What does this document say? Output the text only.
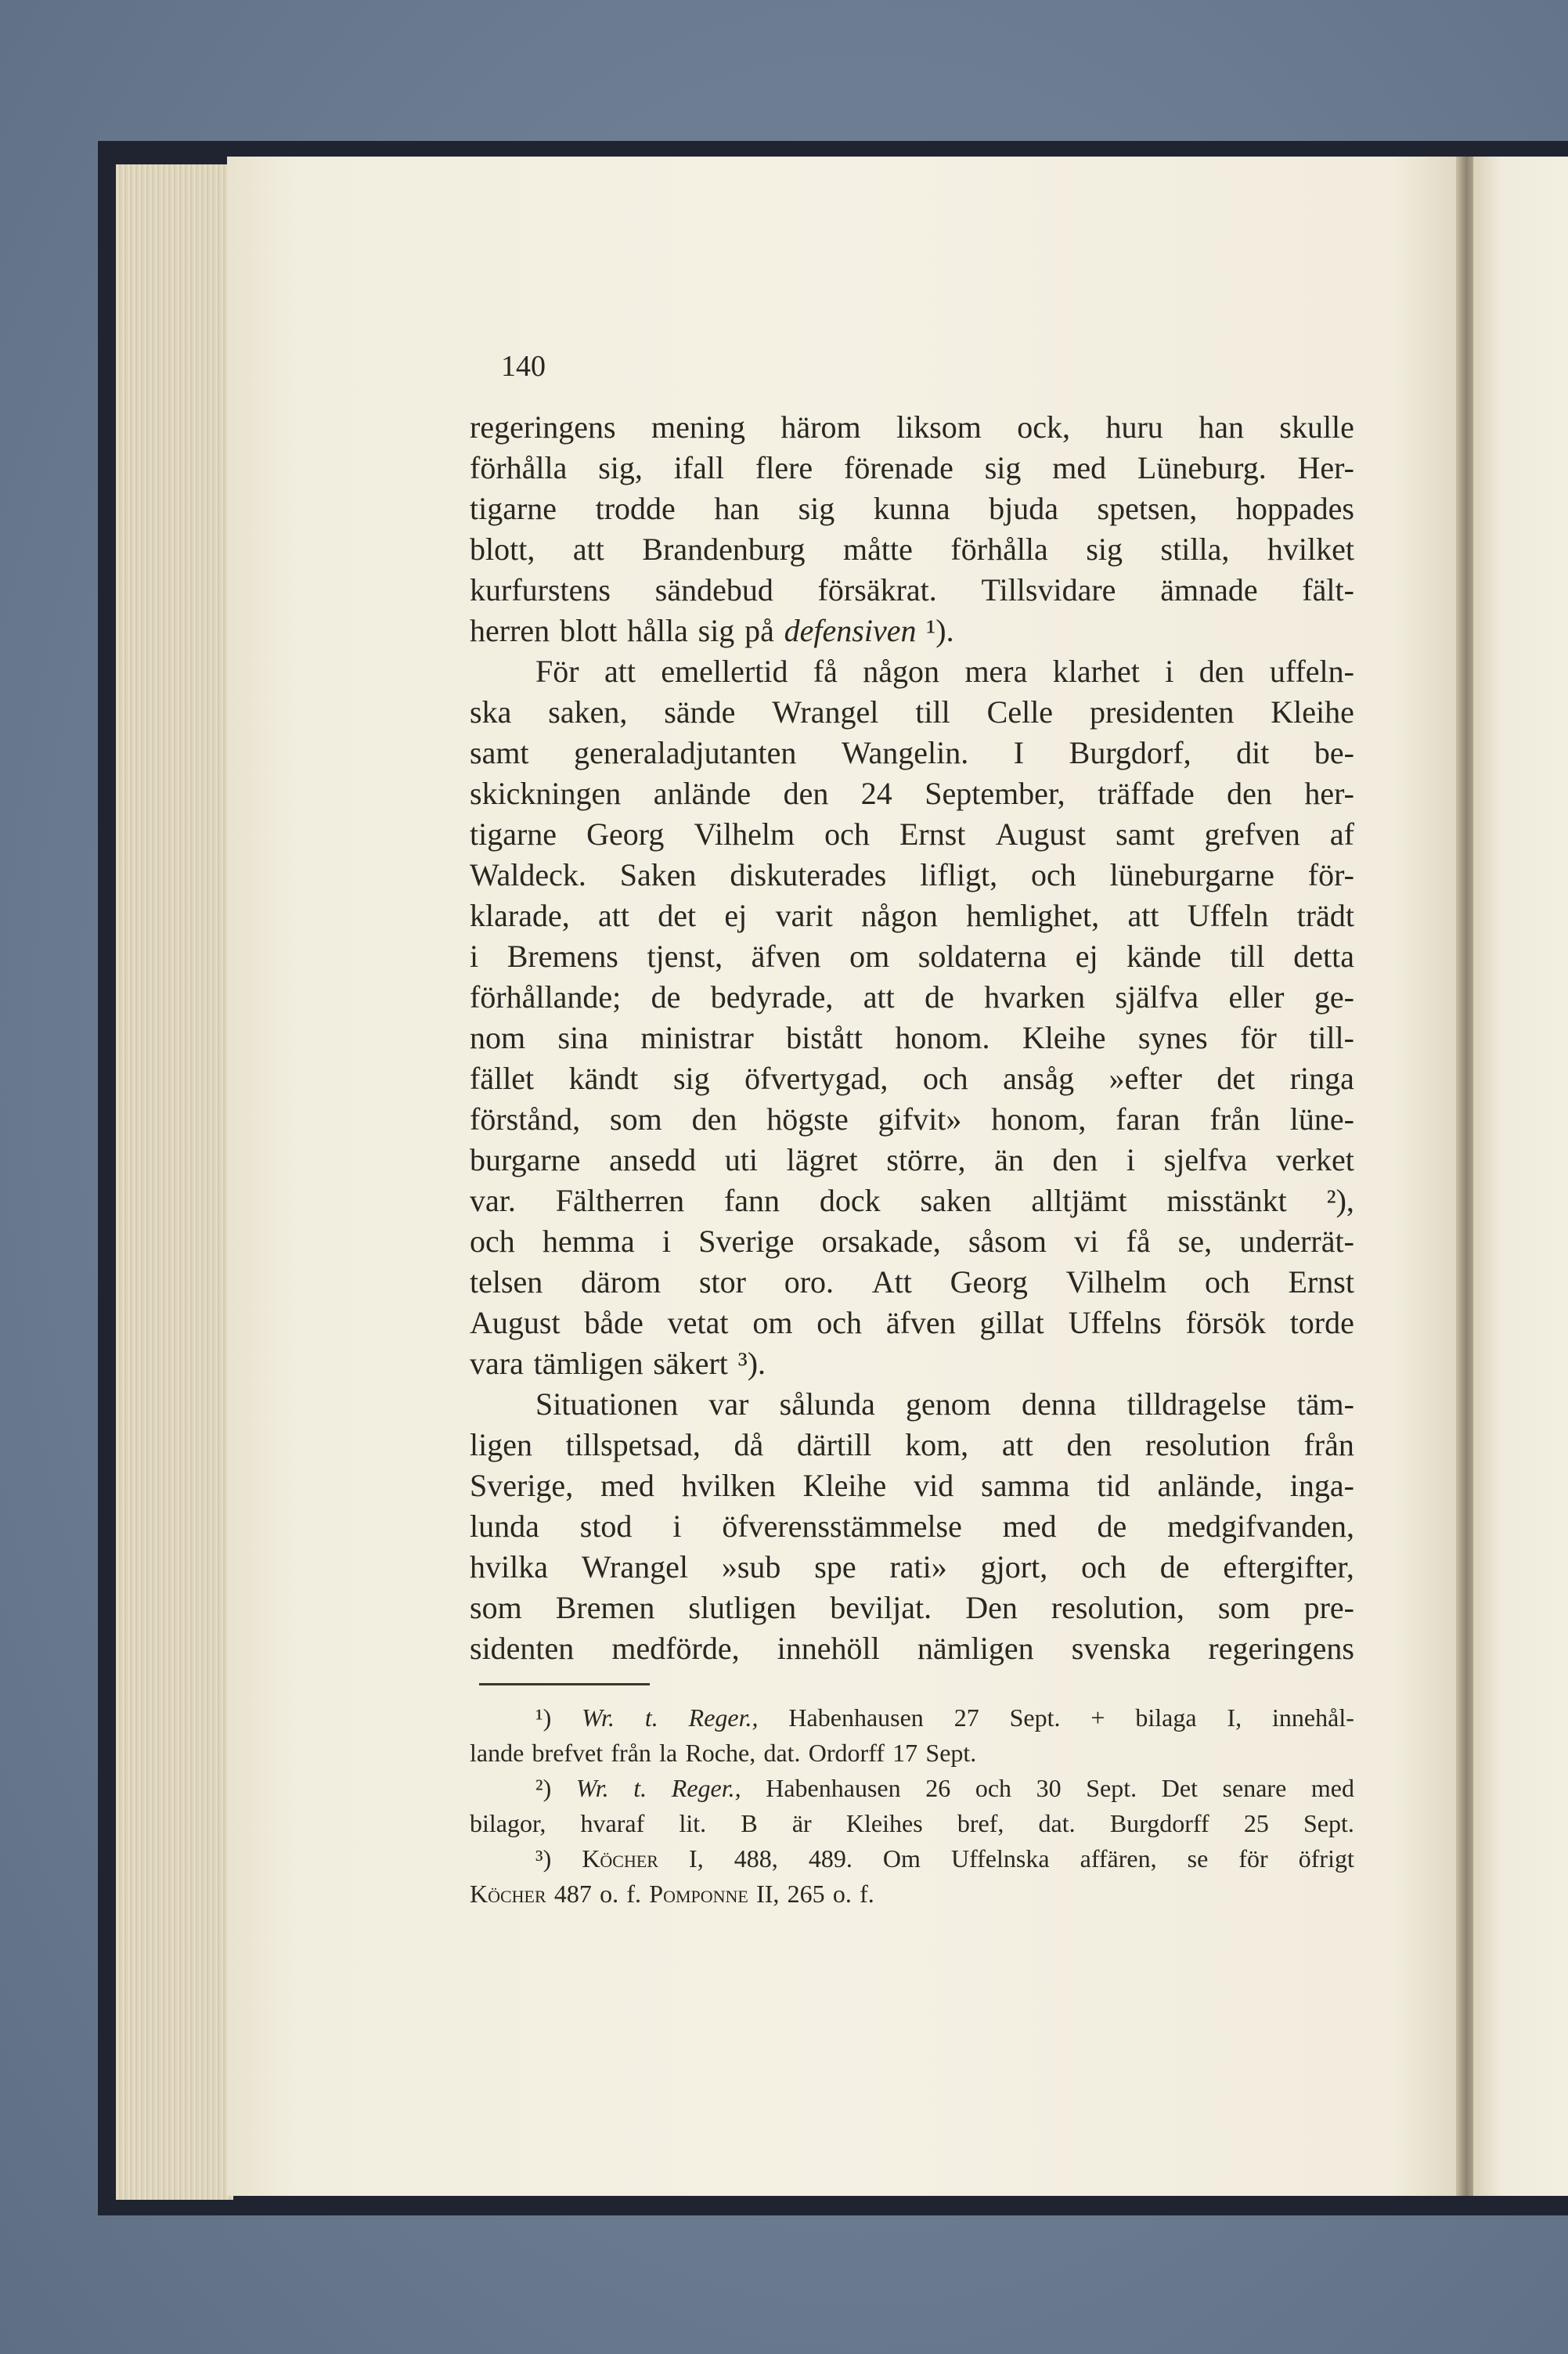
140
regeringens mening härom liksom ock, huru han skulle
förhålla sig, ifall flere förenade sig med Lüneburg. Her-
tigarne trodde han sig kunna bjuda spetsen, hoppades
blott, att Brandenburg måtte förhålla sig stilla, hvilket
kurfurstens sändebud försäkrat. Tillsvidare ämnade fält-
herren blott hålla sig på defensiven ¹).
För att emellertid få någon mera klarhet i den uffeln-
ska saken, sände Wrangel till Celle presidenten Kleihe
samt generaladjutanten Wangelin. I Burgdorf, dit be-
skickningen anlände den 24 September, träffade den her-
tigarne Georg Vilhelm och Ernst August samt grefven af
Waldeck. Saken diskuterades lifligt, och lüneburgarne för-
klarade, att det ej varit någon hemlighet, att Uffeln trädt
i Bremens tjenst, äfven om soldaterna ej kände till detta
förhållande; de bedyrade, att de hvarken själfva eller ge-
nom sina ministrar bistått honom. Kleihe synes för till-
fället kändt sig öfvertygad, och ansåg »efter det ringa
förstånd, som den högste gifvit» honom, faran från lüne-
burgarne ansedd uti lägret större, än den i sjelfva verket
var. Fältherren fann dock saken alltjämt misstänkt ²),
och hemma i Sverige orsakade, såsom vi få se, underrät-
telsen därom stor oro. Att Georg Vilhelm och Ernst
August både vetat om och äfven gillat Uffelns försök torde
vara tämligen säkert ³).
Situationen var sålunda genom denna tilldragelse täm-
ligen tillspetsad, då därtill kom, att den resolution från
Sverige, med hvilken Kleihe vid samma tid anlände, inga-
lunda stod i öfverensstämmelse med de medgifvanden,
hvilka Wrangel »sub spe rati» gjort, och de eftergifter,
som Bremen slutligen beviljat. Den resolution, som pre-
sidenten medförde, innehöll nämligen svenska regeringens
¹) Wr. t. Reger., Habenhausen 27 Sept. + bilaga I, innehål-
lande brefvet från la Roche, dat. Ordorff 17 Sept.
²) Wr. t. Reger., Habenhausen 26 och 30 Sept. Det senare med
bilagor, hvaraf lit. B är Kleihes bref, dat. Burgdorff 25 Sept.
³) Köcher I, 488, 489. Om Uffelnska affären, se för öfrigt
Köcher 487 o. f. Pomponne II, 265 o. f.
